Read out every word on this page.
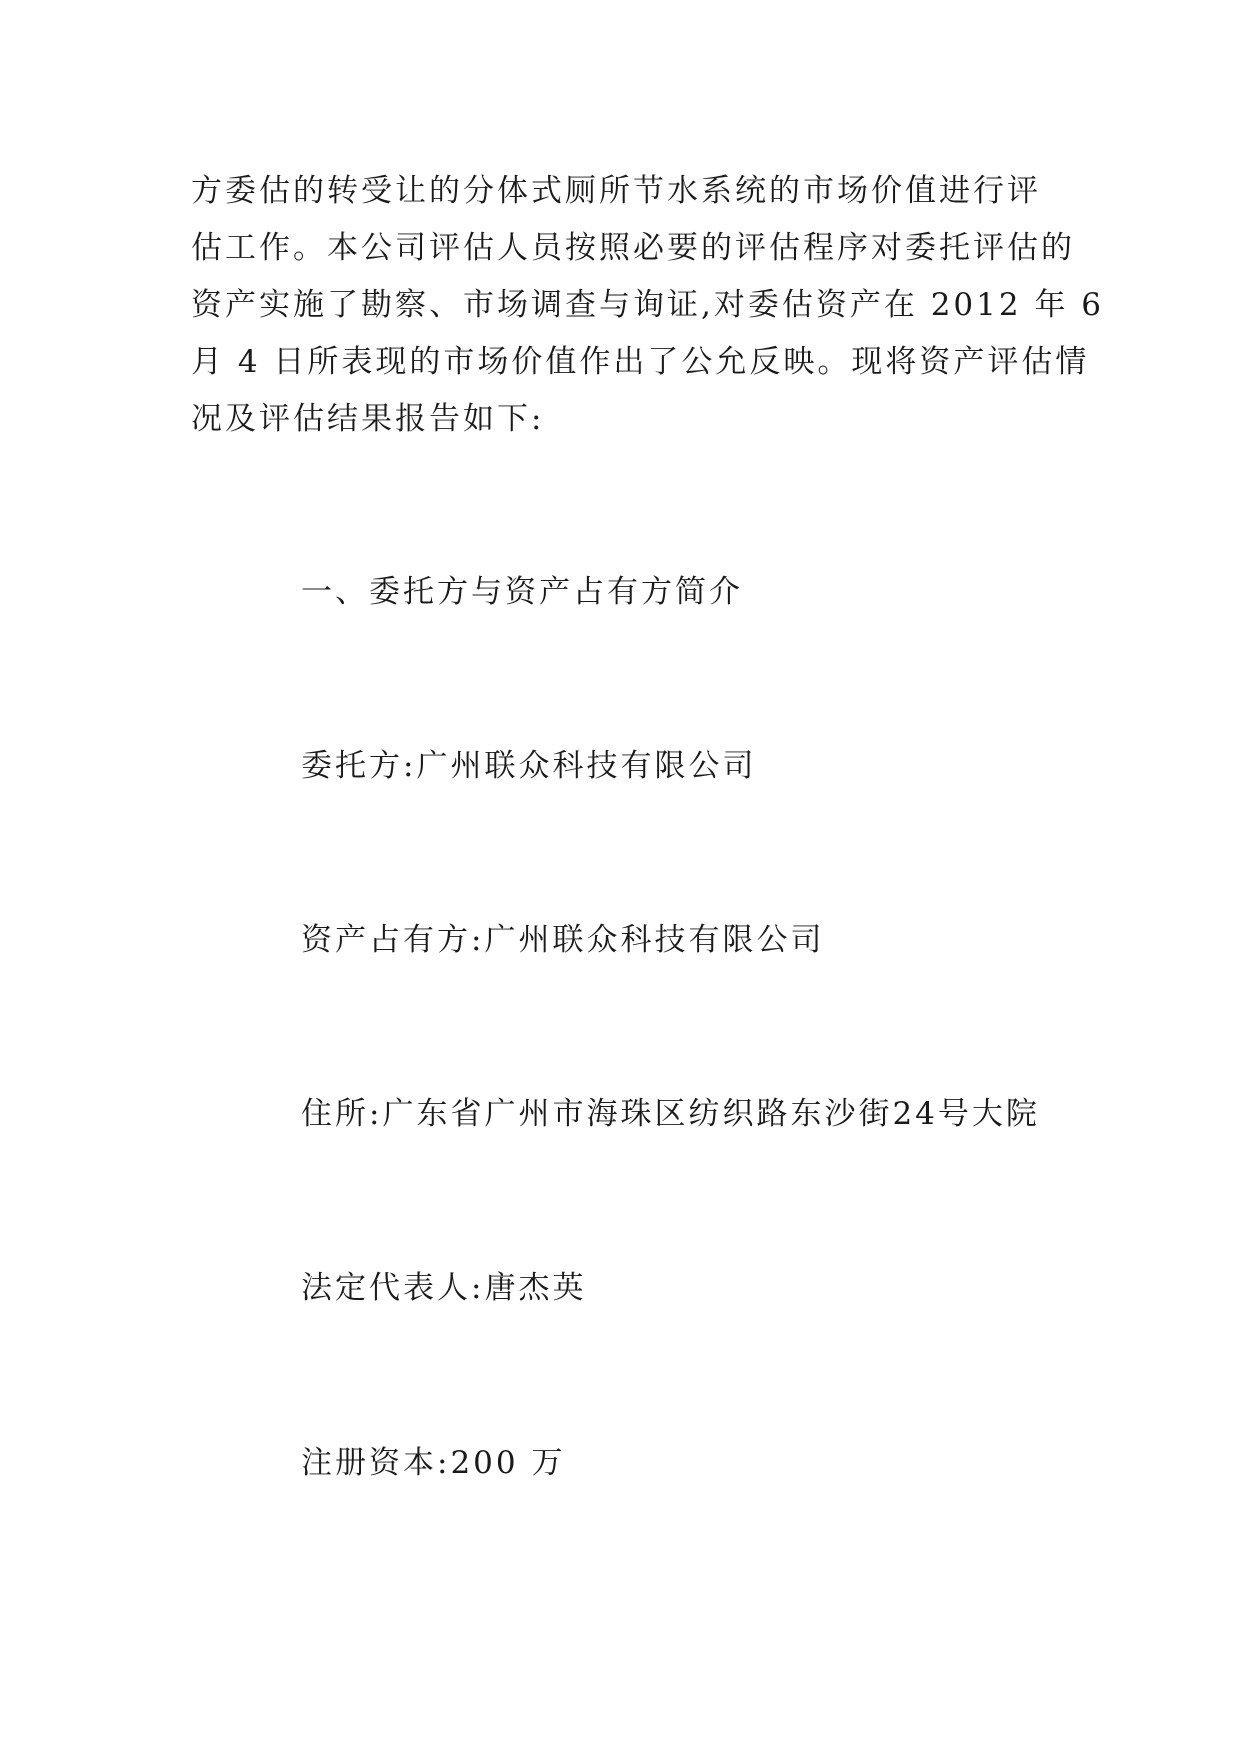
方委估的转受让的分体式厕所节水系统的市场价值进行评
估工作。本公司评估人员按照必要的评估程序对委托评估的
资产实施了勘察、市场调查与询证,对委估资产在 2012 年 6
月 4 日所表现的市场价值作出了公允反映。现将资产评估情
况及评估结果报告如下:

一、委托方与资产占有方简介

委托方:广州联众科技有限公司

资产占有方:广州联众科技有限公司

住所:广东省广州市海珠区纺织路东沙街24号大院

法定代表人:唐杰英

注册资本:200 万
